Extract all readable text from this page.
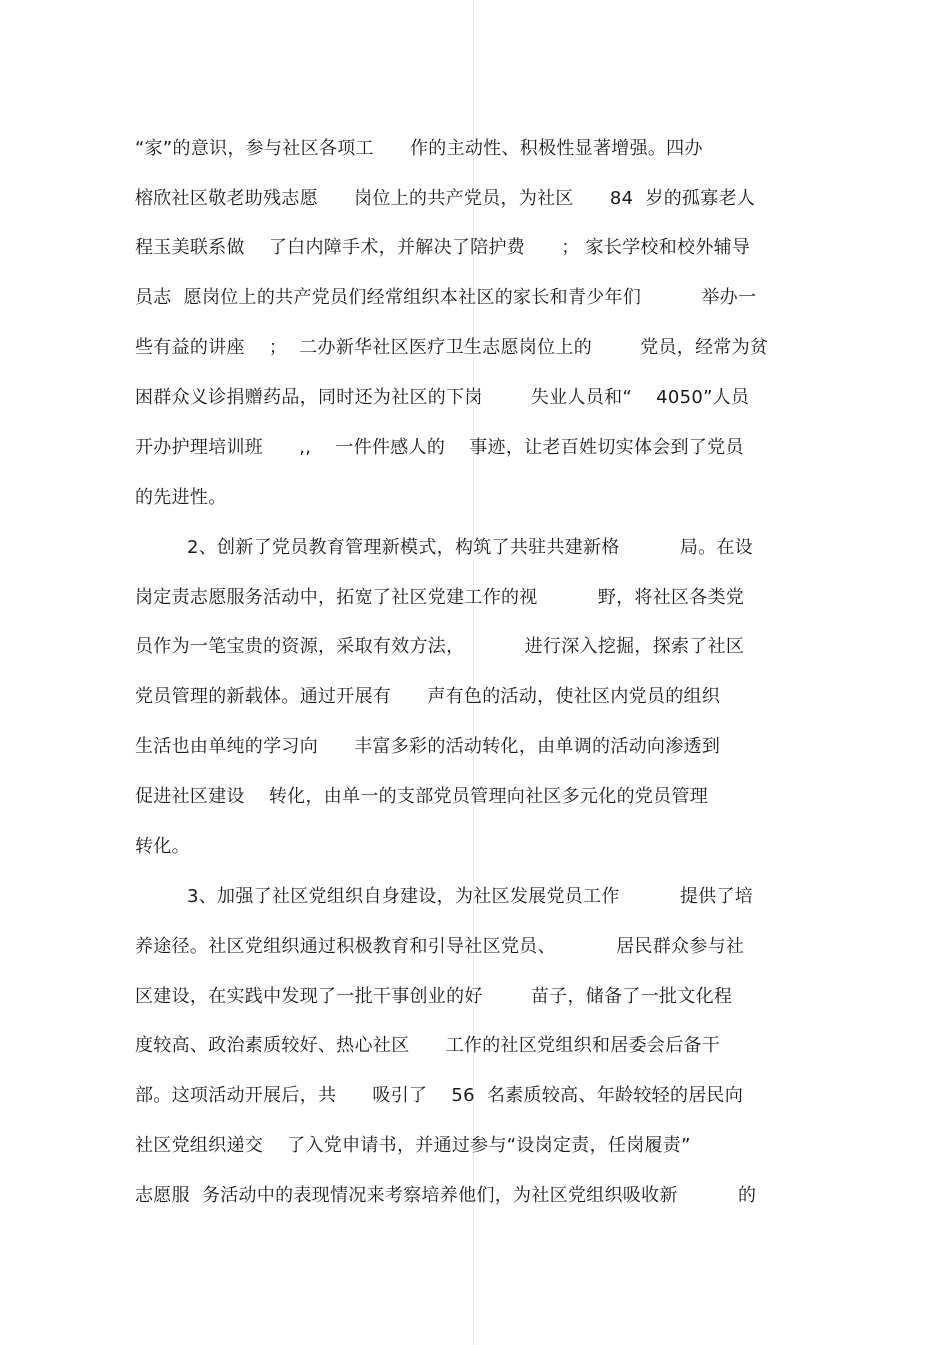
“家”的意识，参与社区各项工      作的主动性、积极性显著增强。四办
榕欣社区敬老助残志愿      岗位上的共产党员，为社区      84  岁的孤寡老人
程玉美联系做    了白内障手术，并解决了陪护费      ； 家长学校和校外辅导
员志  愿岗位上的共产党员们经常组织本社区的家长和青少年们          举办一
些有益的讲座    ；  二办新华社区医疗卫生志愿岗位上的        党员，经常为贫
困群众义诊捐赠药品，同时还为社区的下岗        失业人员和“    4050”人员
开办护理培训班      ,,    一件件感人的    事迹，让老百姓切实体会到了党员
的先进性。
2、创新了党员教育管理新模式，构筑了共驻共建新格          局。在设
岗定责志愿服务活动中，拓宽了社区党建工作的视          野，将社区各类党
员作为一笔宝贵的资源，采取有效方法，          进行深入挖掘，探索了社区
党员管理的新载体。通过开展有      声有色的活动，使社区内党员的组织
生活也由单纯的学习向      丰富多彩的活动转化，由单调的活动向渗透到
促进社区建设    转化，由单一的支部党员管理向社区多元化的党员管理
转化。
3、加强了社区党组织自身建设，为社区发展党员工作          提供了培
养途径。社区党组织通过积极教育和引导社区党员、          居民群众参与社
区建设，在实践中发现了一批干事创业的好        苗子，储备了一批文化程
度较高、政治素质较好、热心社区      工作的社区党组织和居委会后备干
部。这项活动开展后，共      吸引了    56  名素质较高、年龄较轻的居民向
社区党组织递交    了入党申请书，并通过参与“设岗定责，任岗履责”
志愿服  务活动中的表现情况来考察培养他们，为社区党组织吸收新          的
